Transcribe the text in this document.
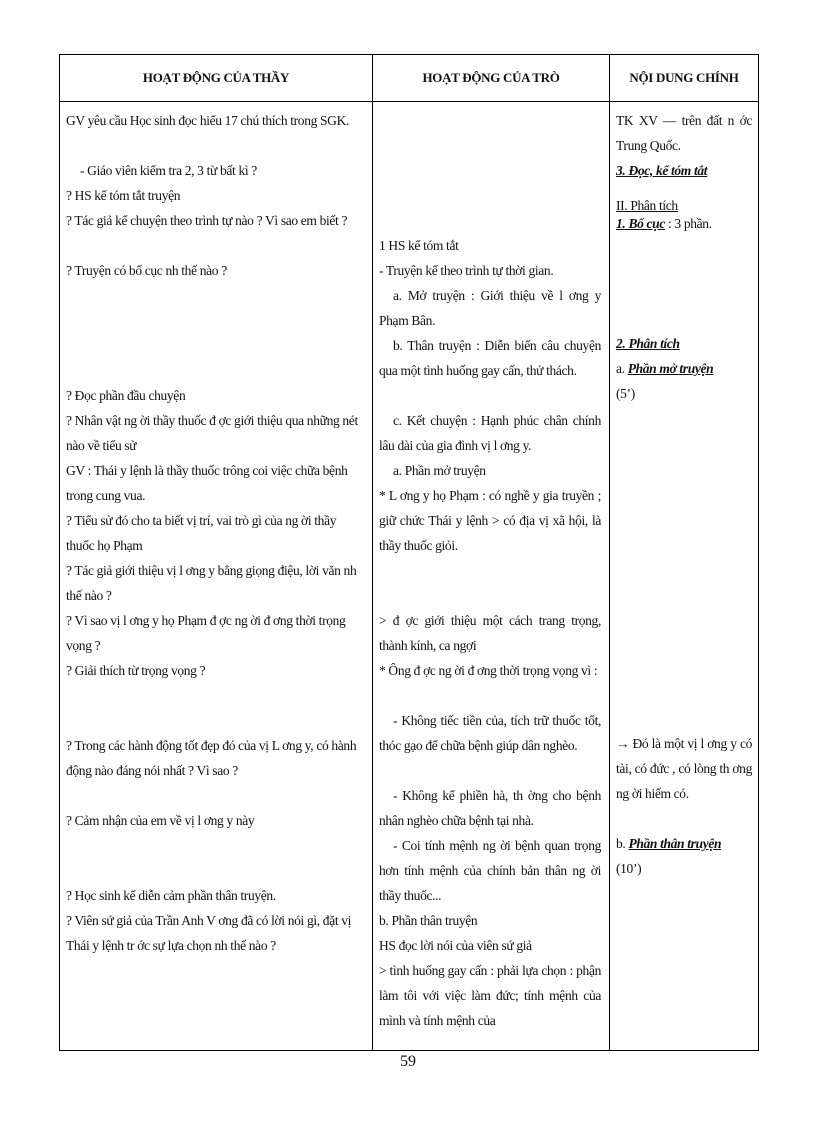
HOẠT ĐỘNG CỦA THẦY	HOẠT ĐỘNG CỦA TRÒ	NỘI DUNG CHÍNH

GV yêu cầu Học sinh đọc hiểu 17 chú thích trong SGK.

- Giáo viên kiểm tra 2, 3 từ bất kì ?

? HS kể tóm tắt truyện

? Tác giả kể chuyện theo trình tự nào ? Vì sao em biết ?

? Truyện có bố cục nh thế nào ?

? Đọc phần đầu chuyện

? Nhân vật ng ời thầy thuốc đ ợc giới thiệu qua những nét nào về tiểu sử

GV : Thái y lệnh là thầy thuốc trông coi việc chữa bệnh trong cung vua.

? Tiểu sử đó cho ta biết vị trí, vai trò gì của ng ời thầy thuốc họ Phạm

? Tác giả giới thiệu vị l ơng y bằng giọng điệu, lời văn nh thế nào ?

? Vì sao vị l ơng y họ Phạm đ ợc ng ời đ ơng thời trọng vọng ?

? Giải thích từ trọng vọng ?

? Trong các hành động tốt đẹp đó của vị L ơng y, có hành động nào đáng nói nhất ? Vì sao ?

? Cảm nhận của em về vị l ơng y này

? Học sinh kể diễn cảm phần thân truyện.

? Viên sứ giả của Trần Anh V ơng đã có lời nói gì, đặt vị Thái y lệnh tr ớc sự lựa chọn nh thế nào ?

1 HS kể tóm tắt

- Truyện kể theo trình tự thời gian.

a. Mở truyện : Giới thiệu về l ơng y Phạm Bân.

b. Thân truyện : Diễn biến câu chuyện qua một tình huống gay cấn, thử thách.

c. Kết chuyện : Hạnh phúc chân chính lâu dài của gia đình vị l ơng y.

a. Phần mở truyện

* L ơng y họ Phạm : có nghề y gia truyền ; giữ chức Thái y lệnh > có địa vị xã hội, là thầy thuốc giỏi.

> đ ợc giới thiệu một cách trang trọng, thành kính, ca ngợi

* Ông đ ợc ng ời đ ơng thời trọng vọng vì :

- Không tiếc tiền của, tích trữ thuốc tốt, thóc gạo để chữa bệnh giúp dân nghèo.

- Không kể phiền hà, th ờng cho bệnh nhân nghèo chữa bệnh tại nhà.

- Coi tính mệnh ng ời bệnh quan trọng hơn tính mệnh của chính bản thân ng ời thầy thuốc...

b. Phần thân truyện

HS đọc lời nói của viên sứ giả

> tình huống gay cấn : phải lựa chọn : phận làm tôi với việc làm đức; tính mệnh của mình và tính mệnh của

TK XV — trên đất n ớc Trung Quốc.

3. Đọc, kể tóm tắt

II. Phân tích

1. Bố cục : 3 phần.

2. Phân tích

a. Phần mở truyện

(5’)

→ Đó là một vị l ơng y có tài, có đức , có lòng th ơng ng ời hiếm có.

b. Phần thân truyện

(10’)

59
